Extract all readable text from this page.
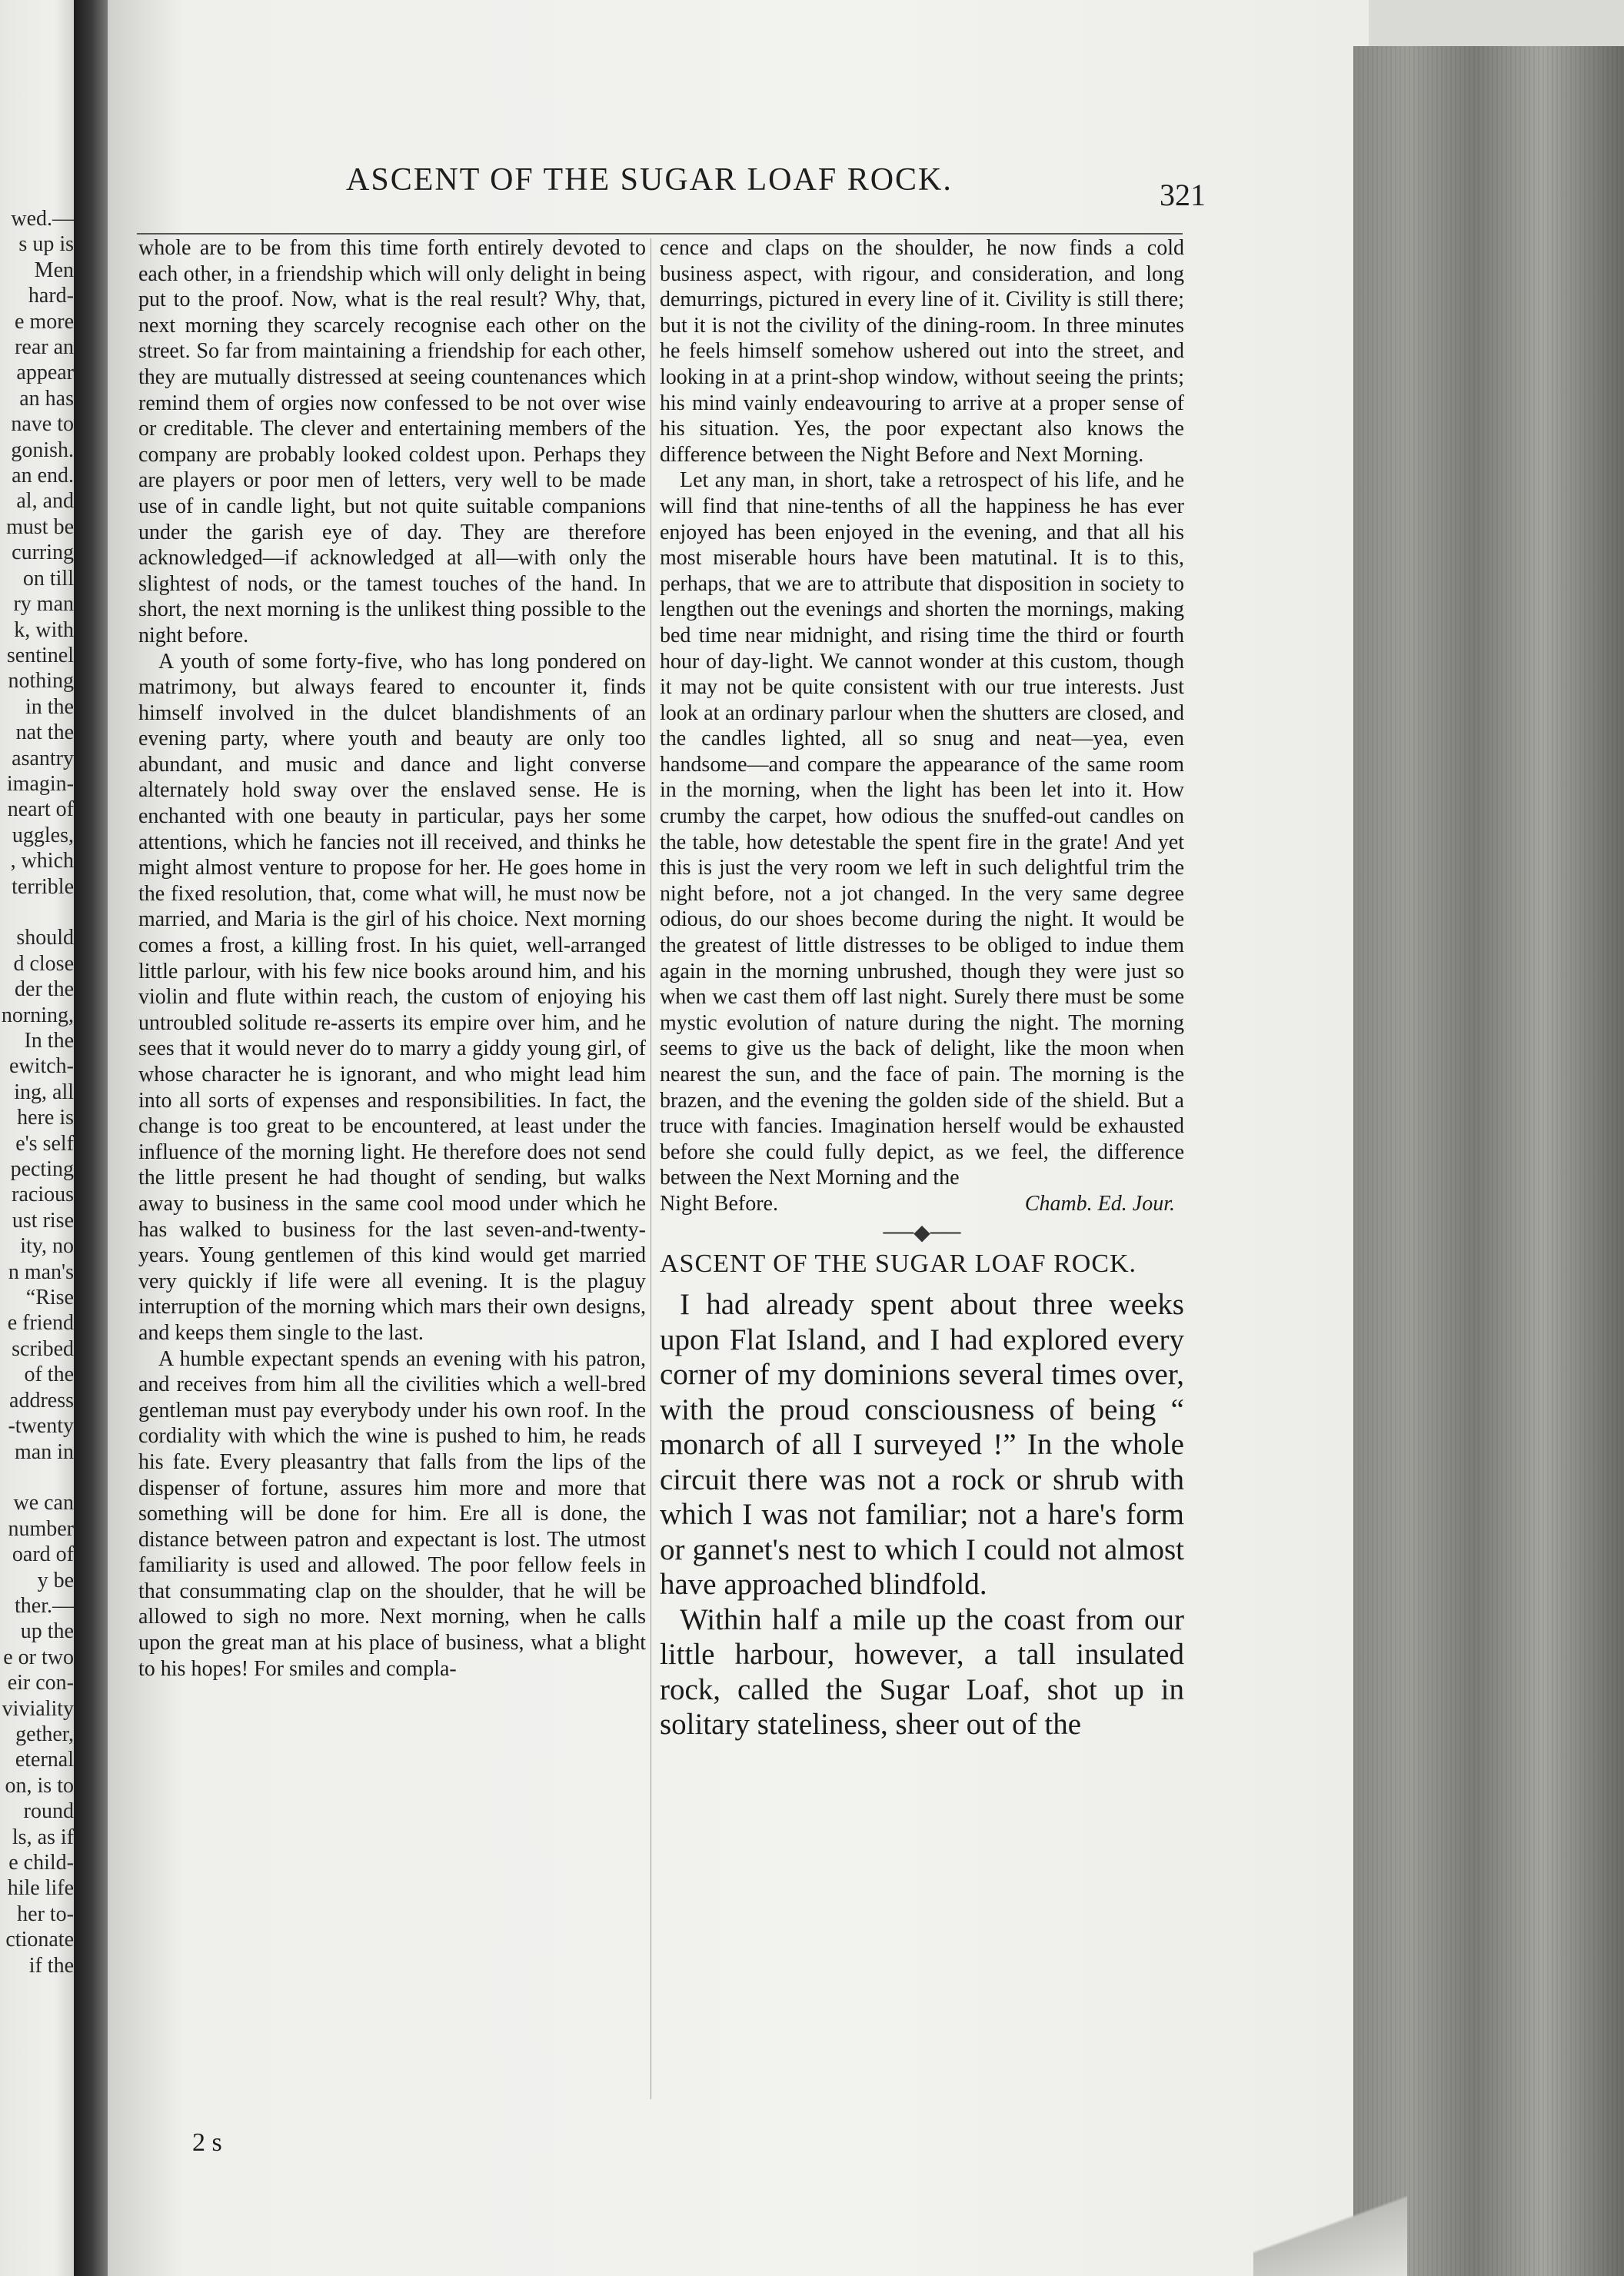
wed.—
s up is
Men
hard-
e more
rear an
appear
an has
nave to
gonish.
an end.
al, and
must be
curring
on till
ry man
k, with
sentinel
nothing
in the
nat the
asantry
imagin-
neart of
uggles,
, which
terrible

should
d close
der the
norning,
In the
ewitch-
ing, all
here is
e's self
pecting
racious
ust rise
ity, no
n man's
“Rise
e friend
scribed
of the
address
-twenty
man in

we can
number
oard of
y be
ther.—
up the
e or two
eir con-
viviality
gether,
eternal
on, is to
round
ls, as if
e child-
hile life
her to-
ctionate
if the
ASCENT OF THE SUGAR LOAF ROCK.	321

whole are to be from this time forth entirely devoted to each other, in a friendship which will only delight in being put to the proof. Now, what is the real result? Why, that, next morning they scarcely recognise each other on the street. So far from maintaining a friendship for each other, they are mutually distressed at seeing countenances which remind them of orgies now confessed to be not over wise or creditable. The clever and entertaining members of the company are probably looked coldest upon. Perhaps they are players or poor men of letters, very well to be made use of in candle light, but not quite suitable companions under the garish eye of day. They are therefore acknowledged—if acknowledged at all—with only the slightest of nods, or the tamest touches of the hand. In short, the next morning is the unlikest thing possible to the night before.

A youth of some forty-five, who has long pondered on matrimony, but always feared to encounter it, finds himself involved in the dulcet blandishments of an evening party, where youth and beauty are only too abundant, and music and dance and light converse alternately hold sway over the enslaved sense. He is enchanted with one beauty in particular, pays her some attentions, which he fancies not ill received, and thinks he might almost venture to propose for her. He goes home in the fixed resolution, that, come what will, he must now be married, and Maria is the girl of his choice. Next morning comes a frost, a killing frost. In his quiet, well-arranged little parlour, with his few nice books around him, and his violin and flute within reach, the custom of enjoying his untroubled solitude re-asserts its empire over him, and he sees that it would never do to marry a giddy young girl, of whose character he is ignorant, and who might lead him into all sorts of expenses and responsibilities. In fact, the change is too great to be encountered, at least under the influence of the morning light. He therefore does not send the little present he had thought of sending, but walks away to business in the same cool mood under which he has walked to business for the last seven-and-twenty-years. Young gentlemen of this kind would get married very quickly if life were all evening. It is the plaguy interruption of the morning which mars their own designs, and keeps them single to the last.

A humble expectant spends an evening with his patron, and receives from him all the civilities which a well-bred gentleman must pay everybody under his own roof. In the cordiality with which the wine is pushed to him, he reads his fate. Every pleasantry that falls from the lips of the dispenser of fortune, assures him more and more that something will be done for him. Ere all is done, the distance between patron and expectant is lost. The utmost familiarity is used and allowed. The poor fellow feels in that consummating clap on the shoulder, that he will be allowed to sigh no more. Next morning, when he calls upon the great man at his place of business, what a blight to his hopes! For smiles and compla-

cence and claps on the shoulder, he now finds a cold business aspect, with rigour, and consideration, and long demurrings, pictured in every line of it. Civility is still there; but it is not the civility of the dining-room. In three minutes he feels himself somehow ushered out into the street, and looking in at a print-shop window, without seeing the prints; his mind vainly endeavouring to arrive at a proper sense of his situation. Yes, the poor expectant also knows the difference between the Night Before and Next Morning.

Let any man, in short, take a retrospect of his life, and he will find that nine-tenths of all the happiness he has ever enjoyed has been enjoyed in the evening, and that all his most miserable hours have been matutinal. It is to this, perhaps, that we are to attribute that disposition in society to lengthen out the evenings and shorten the mornings, making bed time near midnight, and rising time the third or fourth hour of day-light. We cannot wonder at this custom, though it may not be quite consistent with our true interests. Just look at an ordinary parlour when the shutters are closed, and the candles lighted, all so snug and neat—yea, even handsome—and compare the appearance of the same room in the morning, when the light has been let into it. How crumby the carpet, how odious the snuffed-out candles on the table, how detestable the spent fire in the grate! And yet this is just the very room we left in such delightful trim the night before, not a jot changed. In the very same degree odious, do our shoes become during the night. It would be the greatest of little distresses to be obliged to indue them again in the morning unbrushed, though they were just so when we cast them off last night. Surely there must be some mystic evolution of nature during the night. The morning seems to give us the back of delight, like the moon when nearest the sun, and the face of pain. The morning is the brazen, and the evening the golden side of the shield. But a truce with fancies. Imagination herself would be exhausted before she could fully depict, as we feel, the difference between the Next Morning and the

Night Before.	Chamb. Ed. Jour.
──◆──
ASCENT OF THE SUGAR LOAF ROCK.

I had already spent about three weeks upon Flat Island, and I had explored every corner of my dominions several times over, with the proud consciousness of being “ monarch of all I surveyed !” In the whole circuit there was not a rock or shrub with which I was not familiar; not a hare's form or gannet's nest to which I could not almost have approached blindfold.

Within half a mile up the coast from our little harbour, however, a tall insulated rock, called the Sugar Loaf, shot up in solitary stateliness, sheer out of the

2 s
